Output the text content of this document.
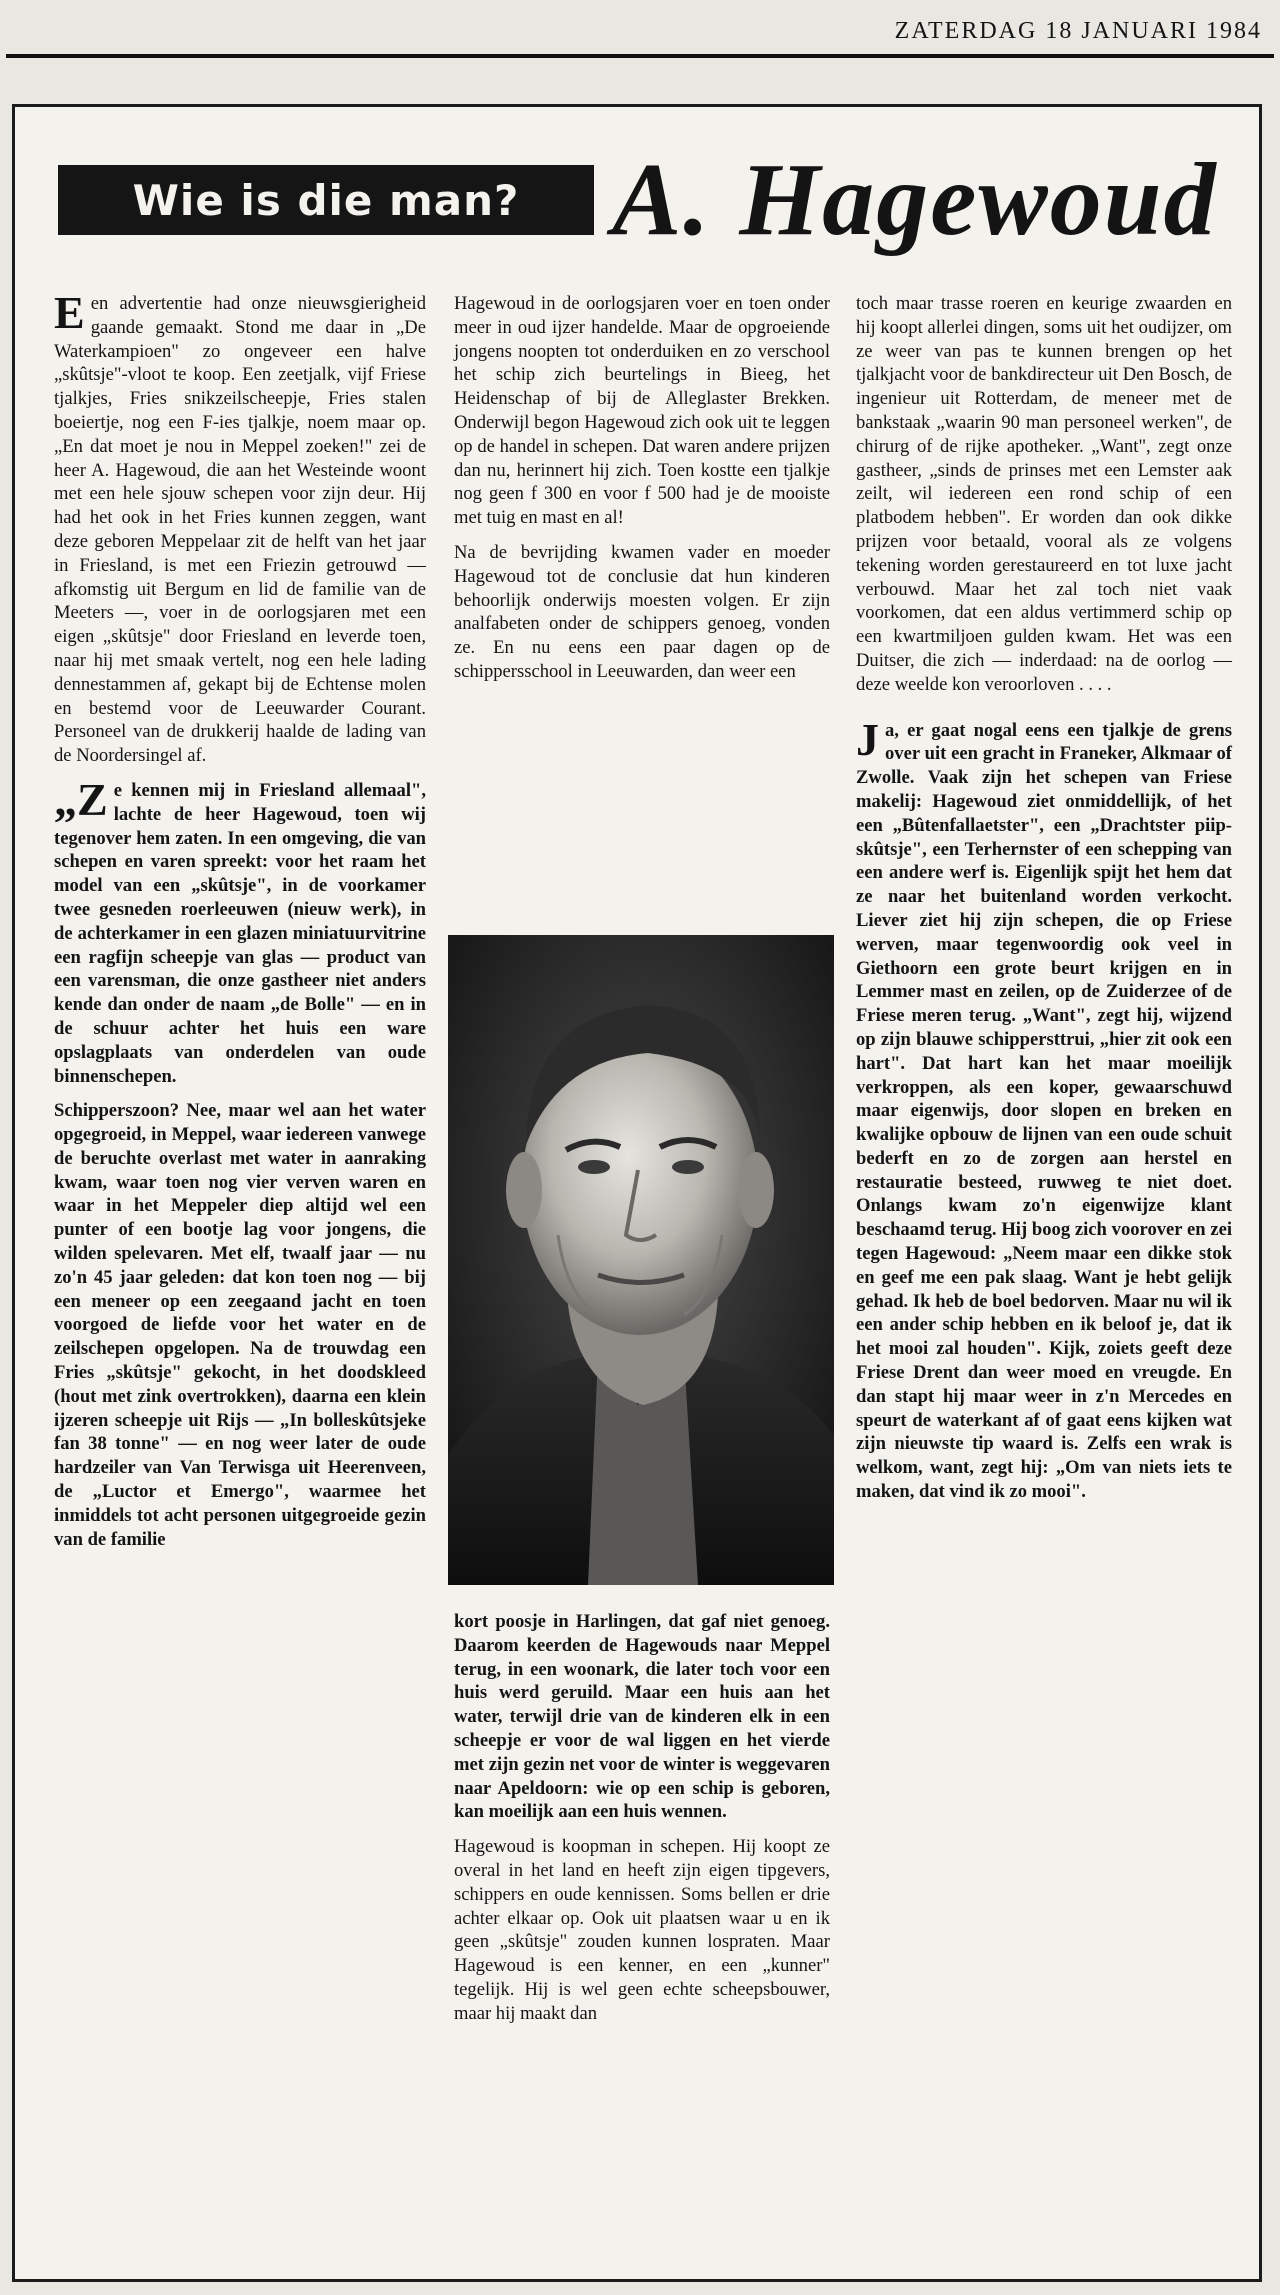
ZATERDAG 18 JANUARI 1984
Wie is die man? A. Hagewoud

Een advertentie had onze nieuwsgierigheid gaande gemaakt. Stond me daar in „De Waterkampioen" zo ongeveer een halve „skûtsje"-vloot te koop. Een zeetjalk, vijf Friese tjalkjes, Fries snikzeilscheepje, Fries stalen boeiertje, nog een F-ies tjalkje, noem maar op. „En dat moet je nou in Meppel zoeken!" zei de heer A. Hagewoud, die aan het Westeinde woont met een hele sjouw schepen voor zijn deur. Hij had het ook in het Fries kunnen zeggen, want deze geboren Meppelaar zit de helft van het jaar in Friesland, is met een Friezin getrouwd — afkomstig uit Bergum en lid de familie van de Meeters —, voer in de oorlogsjaren met een eigen „skûtsje" door Friesland en leverde toen, naar hij met smaak vertelt, nog een hele lading dennestammen af, gekapt bij de Echtense molen en bestemd voor de Leeuwarder Courant. Personeel van de drukkerij haalde de lading van de Noordersingel af.

„Ze kennen mij in Friesland allemaal", lachte de heer Hagewoud, toen wij tegenover hem zaten. In een omgeving, die van schepen en varen spreekt: voor het raam het model van een „skûtsje", in de voorkamer twee gesneden roerleeuwen (nieuw werk), in de achterkamer in een glazen miniatuurvitrine een ragfijn scheepje van glas — product van een varensman, die onze gastheer niet anders kende dan onder de naam „de Bolle" — en in de schuur achter het huis een ware opslagplaats van onderdelen van oude binnenschepen.

Schipperszoon? Nee, maar wel aan het water opgegroeid, in Meppel, waar iedereen vanwege de beruchte overlast met water in aanraking kwam, waar toen nog vier verven waren en waar in het Meppeler diep altijd wel een punter of een bootje lag voor jongens, die wilden spelevaren. Met elf, twaalf jaar — nu zo'n 45 jaar geleden: dat kon toen nog — bij een meneer op een zeegaand jacht en toen voorgoed de liefde voor het water en de zeilschepen opgelopen. Na de trouwdag een Fries „skûtsje" gekocht, in het doodskleed (hout met zink overtrokken), daarna een klein ijzeren scheepje uit Rijs — „In bolleskûtsjeke fan 38 tonne" — en nog weer later de oude hardzeiler van Van Terwisga uit Heerenveen, de „Luctor et Emergo", waarmee het inmiddels tot acht personen uitgegroeide gezin van de familie

Hagewoud in de oorlogsjaren voer en toen onder meer in oud ijzer handelde. Maar de opgroeiende jongens noopten tot onderduiken en zo verschool het schip zich beurtelings in Bieeg, het Heidenschap of bij de Alleglaster Brekken. Onderwijl begon Hagewoud zich ook uit te leggen op de handel in schepen. Dat waren andere prijzen dan nu, herinnert hij zich. Toen kostte een tjalkje nog geen f 300 en voor f 500 had je de mooiste met tuig en mast en al!

Na de bevrijding kwamen vader en moeder Hagewoud tot de conclusie dat hun kinderen behoorlijk onderwijs moesten volgen. Er zijn analfabeten onder de schippers genoeg, vonden ze. En nu eens een paar dagen op de schippersschool in Leeuwarden, dan weer een

kort poosje in Harlingen, dat gaf niet genoeg. Daarom keerden de Hagewouds naar Meppel terug, in een woonark, die later toch voor een huis werd geruild. Maar een huis aan het water, terwijl drie van de kinderen elk in een scheepje er voor de wal liggen en het vierde met zijn gezin net voor de winter is weggevaren naar Apeldoorn: wie op een schip is geboren, kan moeilijk aan een huis wennen.

Hagewoud is koopman in schepen. Hij koopt ze overal in het land en heeft zijn eigen tipgevers, schippers en oude kennissen. Soms bellen er drie achter elkaar op. Ook uit plaatsen waar u en ik geen „skûtsje" zouden kunnen lospraten. Maar Hagewoud is een kenner, en een „kunner" tegelijk. Hij is wel geen echte scheepsbouwer, maar hij maakt dan

toch maar trasse roeren en keurige zwaarden en hij koopt allerlei dingen, soms uit het oudijzer, om ze weer van pas te kunnen brengen op het tjalkjacht voor de bankdirecteur uit Den Bosch, de ingenieur uit Rotterdam, de meneer met de bankstaak „waarin 90 man personeel werken", de chirurg of de rijke apotheker. „Want", zegt onze gastheer, „sinds de prinses met een Lemster aak zeilt, wil iedereen een rond schip of een platbodem hebben". Er worden dan ook dikke prijzen voor betaald, vooral als ze volgens tekening worden gerestaureerd en tot luxe jacht verbouwd. Maar het zal toch niet vaak voorkomen, dat een aldus vertimmerd schip op een kwartmiljoen gulden kwam. Het was een Duitser, die zich — inderdaad: na de oorlog — deze weelde kon veroorloven . . . .

Ja, er gaat nogal eens een tjalkje de grens over uit een gracht in Franeker, Alkmaar of Zwolle. Vaak zijn het schepen van Friese makelij: Hagewoud ziet onmiddellijk, of het een „Bûtenfallaetster", een „Drachtster piip-skûtsje", een Terhernster of een schepping van een andere werf is. Eigenlijk spijt het hem dat ze naar het buitenland worden verkocht. Liever ziet hij zijn schepen, die op Friese werven, maar tegenwoordig ook veel in Giethoorn een grote beurt krijgen en in Lemmer mast en zeilen, op de Zuiderzee of de Friese meren terug. „Want", zegt hij, wijzend op zijn blauwe schippersttrui, „hier zit ook een hart". Dat hart kan het maar moeilijk verkroppen, als een koper, gewaarschuwd maar eigenwijs, door slopen en breken en kwalijke opbouw de lijnen van een oude schuit bederft en zo de zorgen aan herstel en restauratie besteed, ruwweg te niet doet. Onlangs kwam zo'n eigenwijze klant beschaamd terug. Hij boog zich voorover en zei tegen Hagewoud: „Neem maar een dikke stok en geef me een pak slaag. Want je hebt gelijk gehad. Ik heb de boel bedorven. Maar nu wil ik een ander schip hebben en ik beloof je, dat ik het mooi zal houden". Kijk, zoiets geeft deze Friese Drent dan weer moed en vreugde. En dan stapt hij maar weer in z'n Mercedes en speurt de waterkant af of gaat eens kijken wat zijn nieuwste tip waard is. Zelfs een wrak is welkom, want, zegt hij: „Om van niets iets te maken, dat vind ik zo mooi".
